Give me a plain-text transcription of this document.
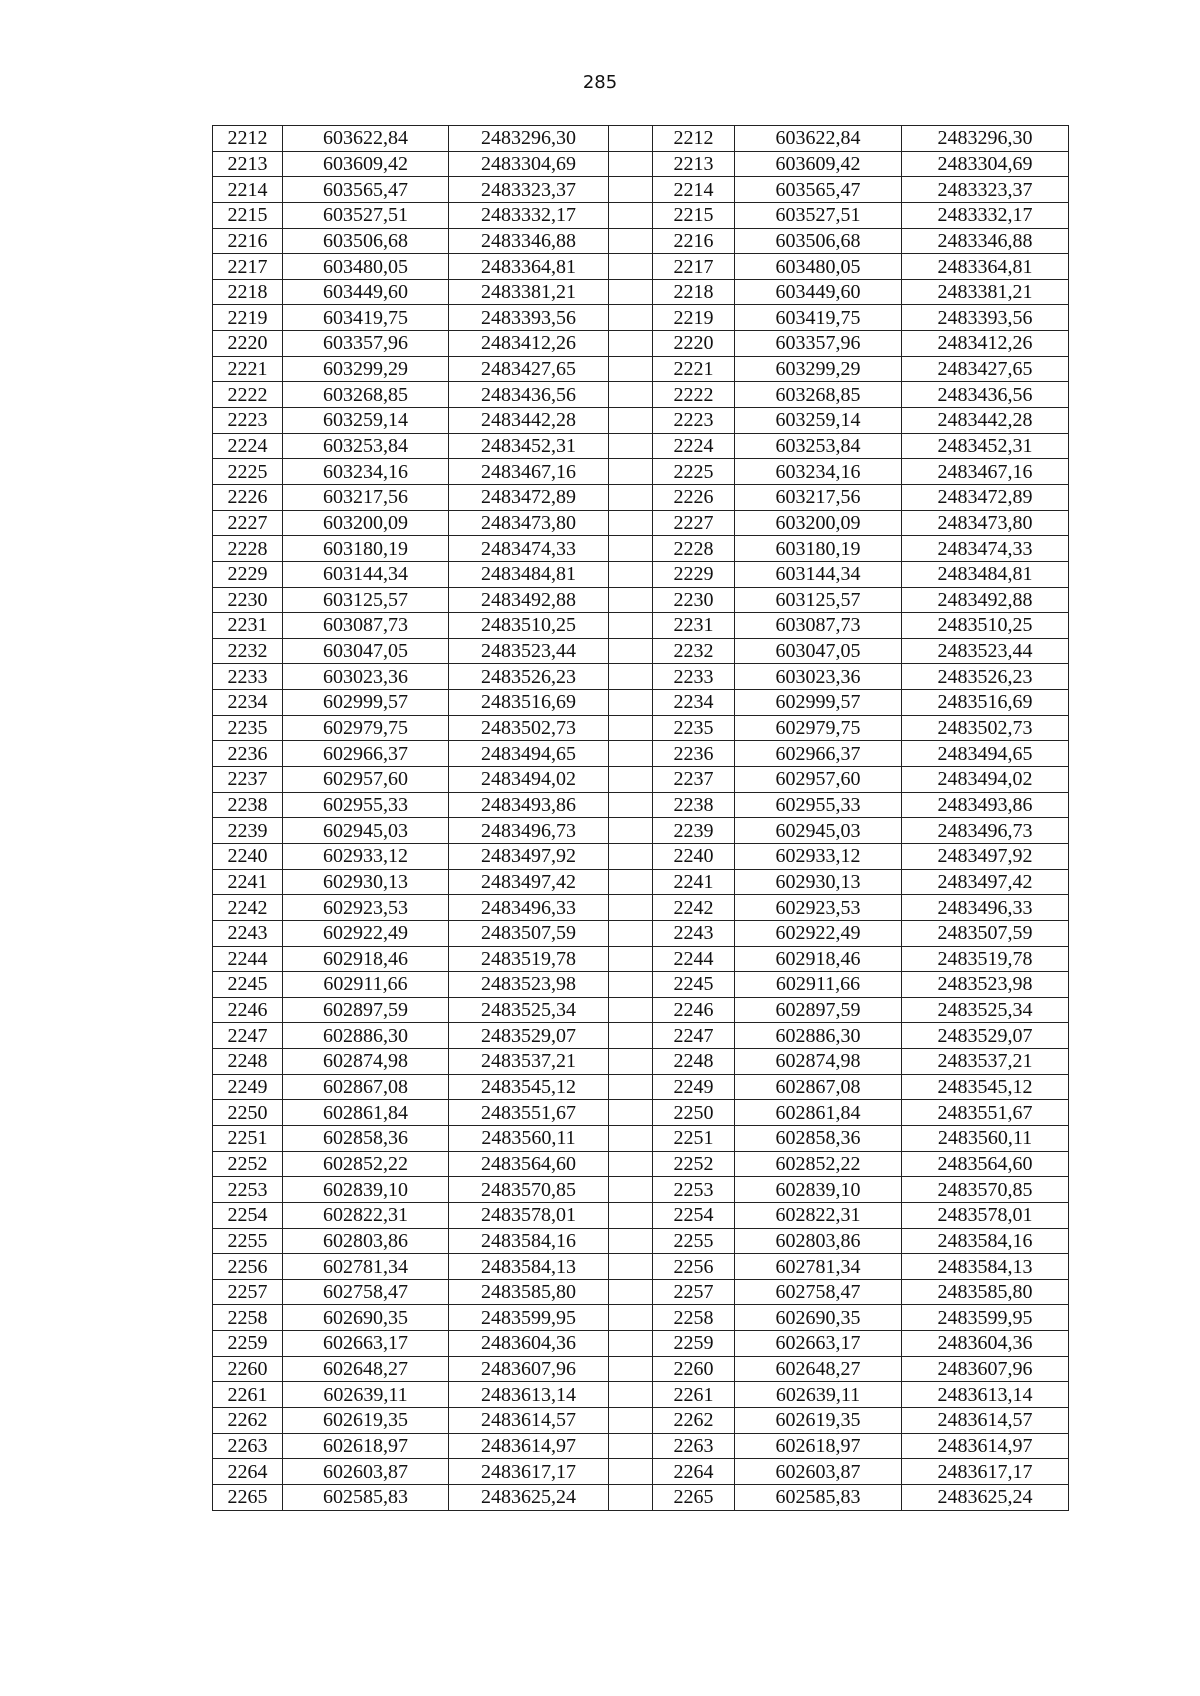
285
2212	603622,84	2483296,30		2212	603622,84	2483296,30
2213	603609,42	2483304,69		2213	603609,42	2483304,69
2214	603565,47	2483323,37		2214	603565,47	2483323,37
2215	603527,51	2483332,17		2215	603527,51	2483332,17
2216	603506,68	2483346,88		2216	603506,68	2483346,88
2217	603480,05	2483364,81		2217	603480,05	2483364,81
2218	603449,60	2483381,21		2218	603449,60	2483381,21
2219	603419,75	2483393,56		2219	603419,75	2483393,56
2220	603357,96	2483412,26		2220	603357,96	2483412,26
2221	603299,29	2483427,65		2221	603299,29	2483427,65
2222	603268,85	2483436,56		2222	603268,85	2483436,56
2223	603259,14	2483442,28		2223	603259,14	2483442,28
2224	603253,84	2483452,31		2224	603253,84	2483452,31
2225	603234,16	2483467,16		2225	603234,16	2483467,16
2226	603217,56	2483472,89		2226	603217,56	2483472,89
2227	603200,09	2483473,80		2227	603200,09	2483473,80
2228	603180,19	2483474,33		2228	603180,19	2483474,33
2229	603144,34	2483484,81		2229	603144,34	2483484,81
2230	603125,57	2483492,88		2230	603125,57	2483492,88
2231	603087,73	2483510,25		2231	603087,73	2483510,25
2232	603047,05	2483523,44		2232	603047,05	2483523,44
2233	603023,36	2483526,23		2233	603023,36	2483526,23
2234	602999,57	2483516,69		2234	602999,57	2483516,69
2235	602979,75	2483502,73		2235	602979,75	2483502,73
2236	602966,37	2483494,65		2236	602966,37	2483494,65
2237	602957,60	2483494,02		2237	602957,60	2483494,02
2238	602955,33	2483493,86		2238	602955,33	2483493,86
2239	602945,03	2483496,73		2239	602945,03	2483496,73
2240	602933,12	2483497,92		2240	602933,12	2483497,92
2241	602930,13	2483497,42		2241	602930,13	2483497,42
2242	602923,53	2483496,33		2242	602923,53	2483496,33
2243	602922,49	2483507,59		2243	602922,49	2483507,59
2244	602918,46	2483519,78		2244	602918,46	2483519,78
2245	602911,66	2483523,98		2245	602911,66	2483523,98
2246	602897,59	2483525,34		2246	602897,59	2483525,34
2247	602886,30	2483529,07		2247	602886,30	2483529,07
2248	602874,98	2483537,21		2248	602874,98	2483537,21
2249	602867,08	2483545,12		2249	602867,08	2483545,12
2250	602861,84	2483551,67		2250	602861,84	2483551,67
2251	602858,36	2483560,11		2251	602858,36	2483560,11
2252	602852,22	2483564,60		2252	602852,22	2483564,60
2253	602839,10	2483570,85		2253	602839,10	2483570,85
2254	602822,31	2483578,01		2254	602822,31	2483578,01
2255	602803,86	2483584,16		2255	602803,86	2483584,16
2256	602781,34	2483584,13		2256	602781,34	2483584,13
2257	602758,47	2483585,80		2257	602758,47	2483585,80
2258	602690,35	2483599,95		2258	602690,35	2483599,95
2259	602663,17	2483604,36		2259	602663,17	2483604,36
2260	602648,27	2483607,96		2260	602648,27	2483607,96
2261	602639,11	2483613,14		2261	602639,11	2483613,14
2262	602619,35	2483614,57		2262	602619,35	2483614,57
2263	602618,97	2483614,97		2263	602618,97	2483614,97
2264	602603,87	2483617,17		2264	602603,87	2483617,17
2265	602585,83	2483625,24		2265	602585,83	2483625,24
